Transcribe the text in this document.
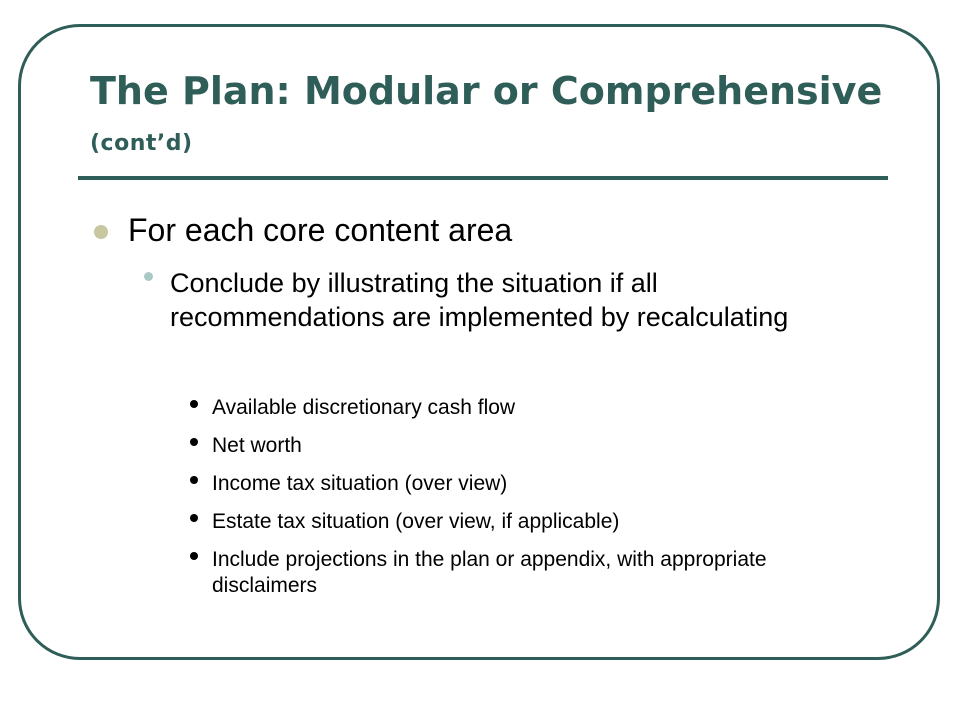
The Plan: Modular or Comprehensive (cont’d)

For each core content area

Conclude by illustrating the situation if all recommendations are implemented by recalculating

Available discretionary cash flow
Net worth
Income tax situation (over view)
Estate tax situation (over view, if applicable)
Include projections in the plan or appendix, with appropriate disclaimers
